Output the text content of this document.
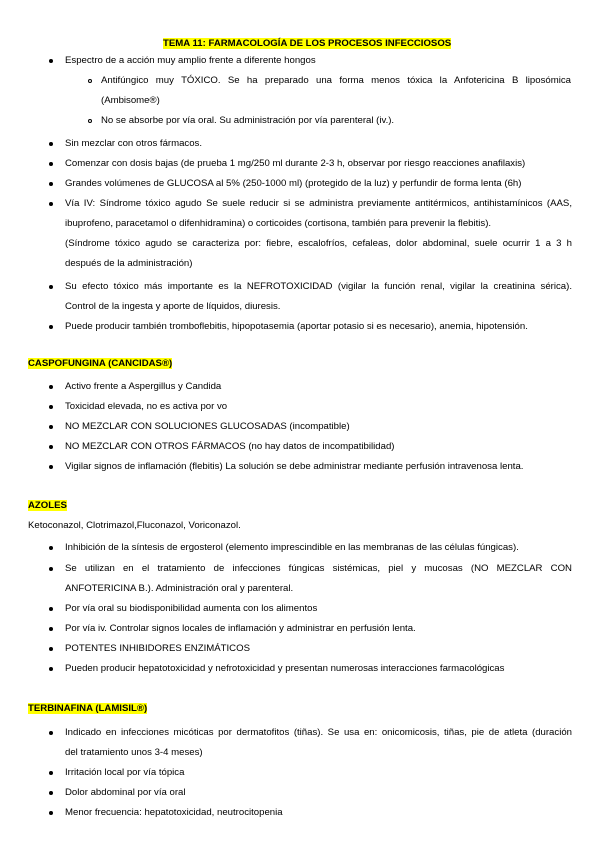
TEMA 11: FARMACOLOGÍA DE LOS PROCESOS INFECCIOSOS
Espectro de a acción muy amplio frente a diferente hongos
Antifúngico muy TÓXICO. Se ha preparado una forma menos tóxica la Anfotericina B liposómica
(Ambisome®)
No se absorbe por vía oral. Su administración por vía parenteral (iv.).
Sin mezclar con otros fármacos.
Comenzar con dosis bajas (de prueba 1 mg/250 ml durante 2-3 h, observar por riesgo reacciones anafilaxis)
Grandes volúmenes de GLUCOSA al 5% (250-1000 ml) (protegido de la luz) y perfundir de forma lenta (6h)
Vía IV: Síndrome tóxico agudo Se suele reducir si se administra previamente antitérmicos, antihistamínicos (AAS,
ibuprofeno, paracetamol o difenhidramina) o corticoides (cortisona, también para prevenir la flebitis).
(Síndrome tóxico agudo se caracteriza por: fiebre, escalofríos, cefaleas, dolor abdominal, suele ocurrir 1 a 3 h
después de la administración)
Su efecto tóxico más importante es la NEFROTOXICIDAD (vigilar la función renal, vigilar la creatinina sérica).
Control de la ingesta y aporte de líquidos, diuresis.
Puede producir también tromboflebitis, hipopotasemia (aportar potasio si es necesario), anemia, hipotensión.
CASPOFUNGINA (CANCIDAS®)
Activo frente a Aspergillus y Candida
Toxicidad elevada, no es activa por vo
NO MEZCLAR CON SOLUCIONES GLUCOSADAS (incompatible)
NO MEZCLAR CON OTROS FÁRMACOS (no hay datos de incompatibilidad)
Vigilar signos de inflamación (flebitis) La solución se debe administrar mediante perfusión intravenosa lenta.
AZOLES
Ketoconazol, Clotrimazol,Fluconazol, Voriconazol.
Inhibición de la síntesis de ergosterol (elemento imprescindible en las membranas de las células fúngicas).
Se utilizan en el tratamiento de infecciones fúngicas sistémicas, piel y mucosas (NO MEZCLAR CON
ANFOTERICINA B.). Administración oral y parenteral.
Por vía oral su biodisponibilidad aumenta con los alimentos
Por vía iv. Controlar signos locales de inflamación y administrar en perfusión lenta.
POTENTES INHIBIDORES ENZIMÁTICOS
Pueden producir hepatotoxicidad y nefrotoxicidad y presentan numerosas interacciones farmacológicas
TERBINAFINA (LAMISIL®)
Indicado en infecciones micóticas por dermatofitos (tiñas). Se usa en: onicomicosis, tiñas, pie de atleta (duración
del tratamiento unos 3-4 meses)
Irritación local por vía tópica
Dolor abdominal por vía oral
Menor frecuencia: hepatotoxicidad, neutrocitopenia
